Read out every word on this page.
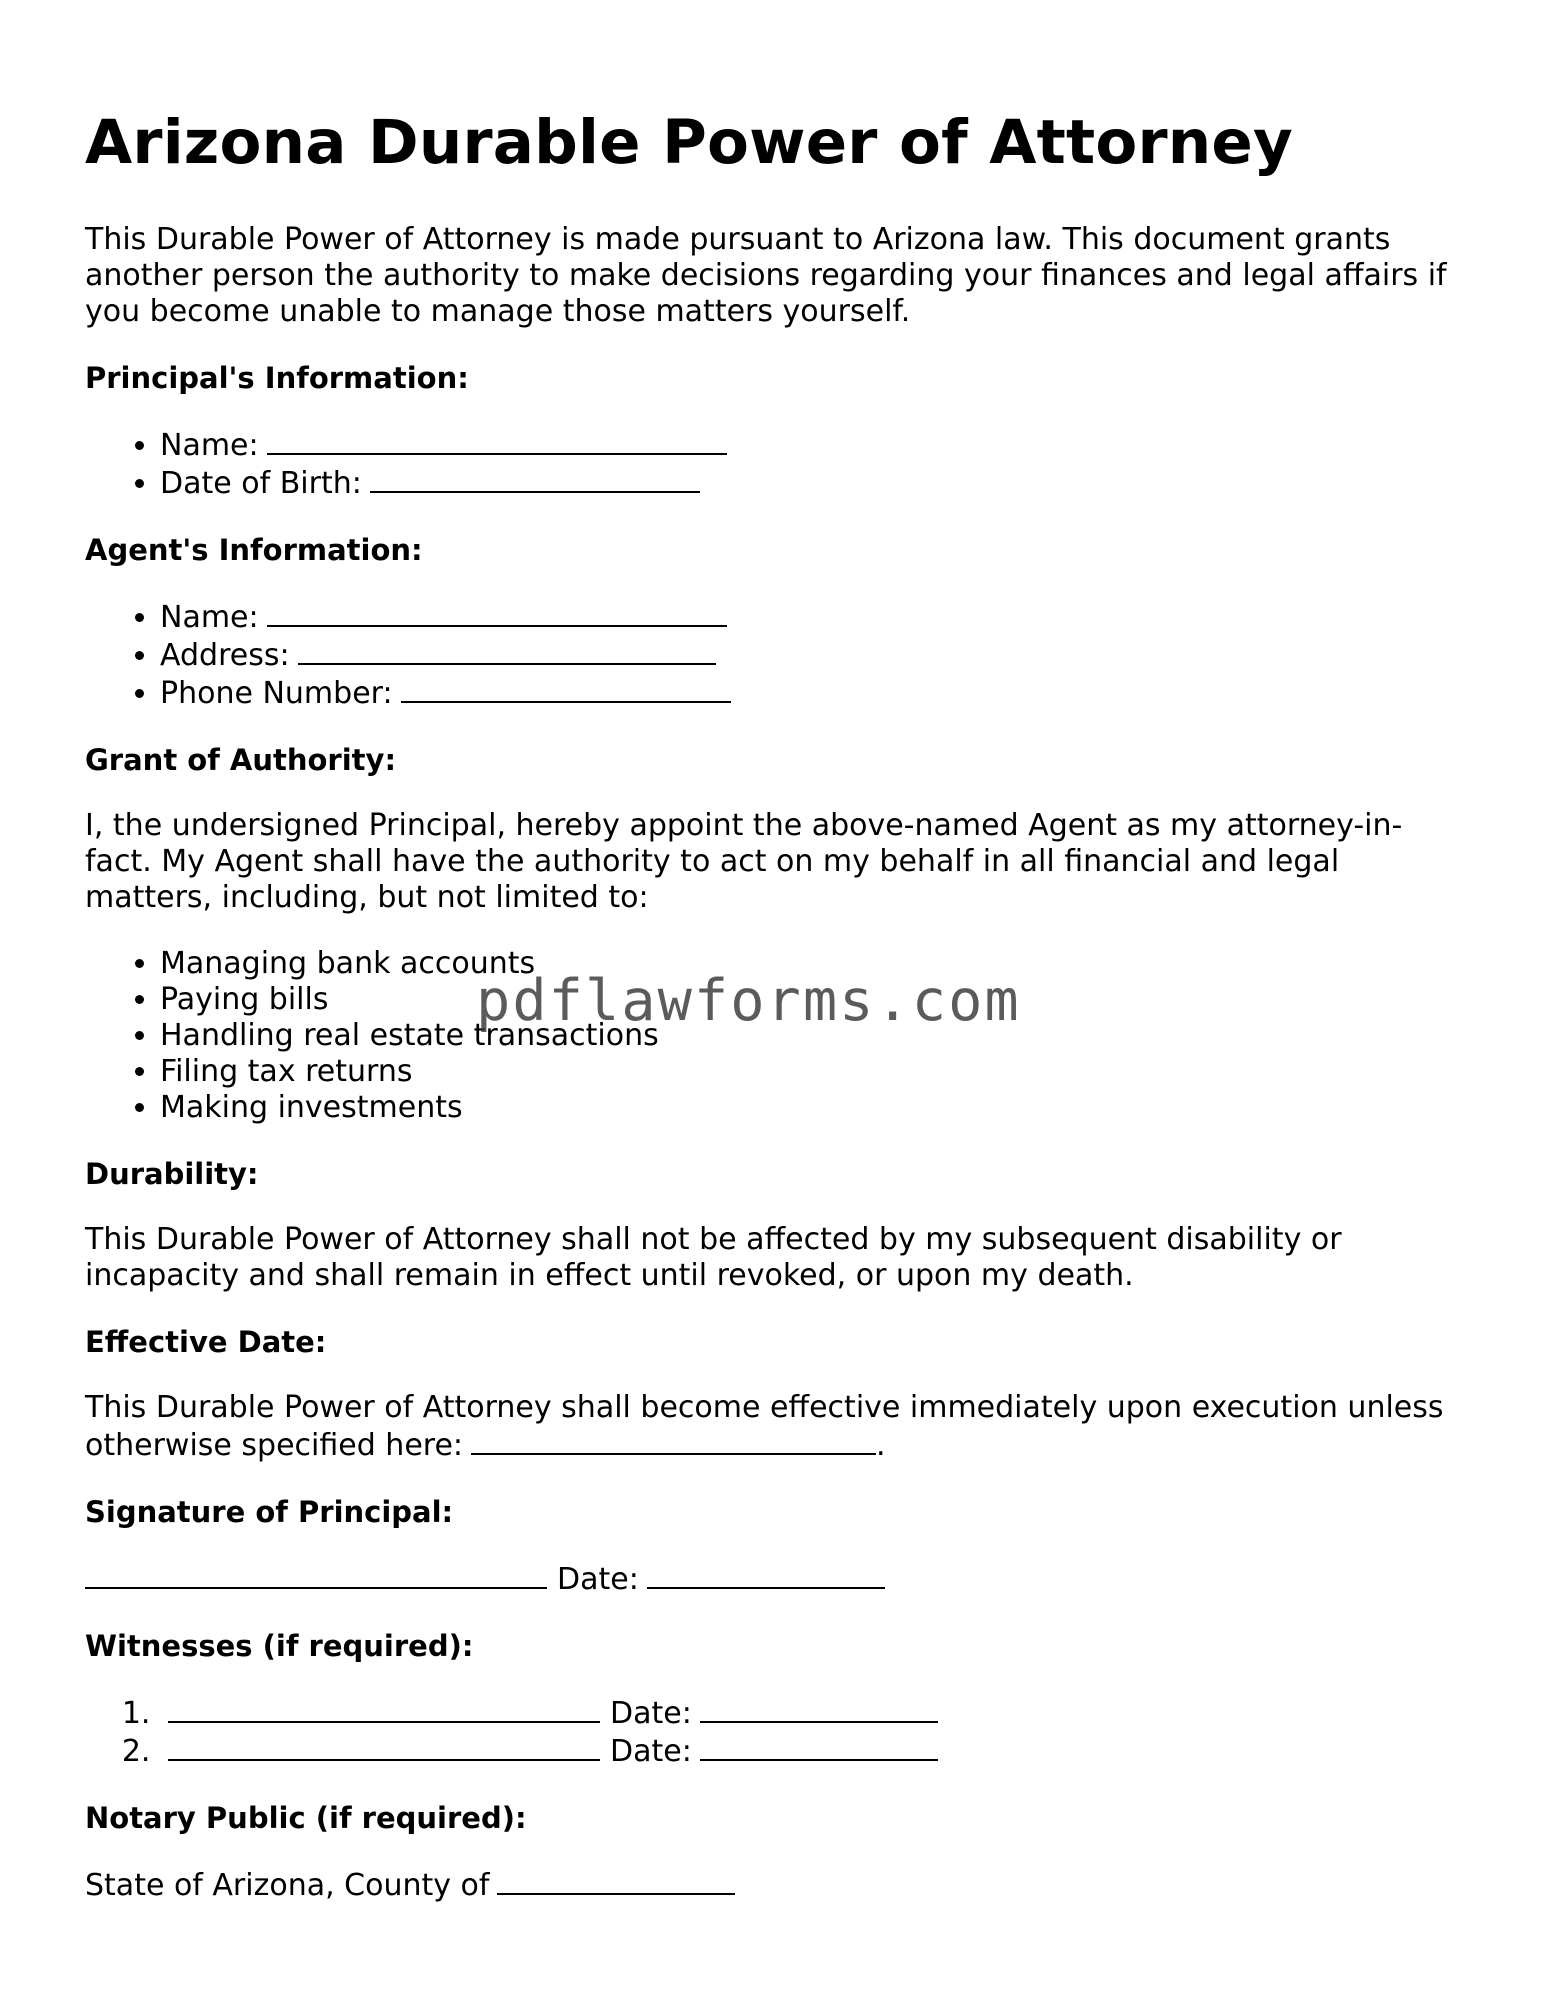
Arizona Durable Power of Attorney

This Durable Power of Attorney is made pursuant to Arizona law. This document grants another person the authority to make decisions regarding your finances and legal affairs if you become unable to manage those matters yourself.

Principal's Information:
• Name:
• Date of Birth:
Agent's Information:
• Name:
• Address:
• Phone Number:
Grant of Authority:

I, the undersigned Principal, hereby appoint the above-named Agent as my attorney-in-fact. My Agent shall have the authority to act on my behalf in all financial and legal matters, including, but not limited to:

• Managing bank accounts
• Paying bills
• Handling real estate transactions
• Filing tax returns
• Making investments
Durability:

This Durable Power of Attorney shall not be affected by my subsequent disability or incapacity and shall remain in effect until revoked, or upon my death.

Effective Date:

This Durable Power of Attorney shall become effective immediately upon execution unless otherwise specified here:	.

Signature of Principal:

Date:

Witnesses (if required):
1. Date:
2. Date:
Notary Public (if required):

State of Arizona, County of

pdflawforms.com
